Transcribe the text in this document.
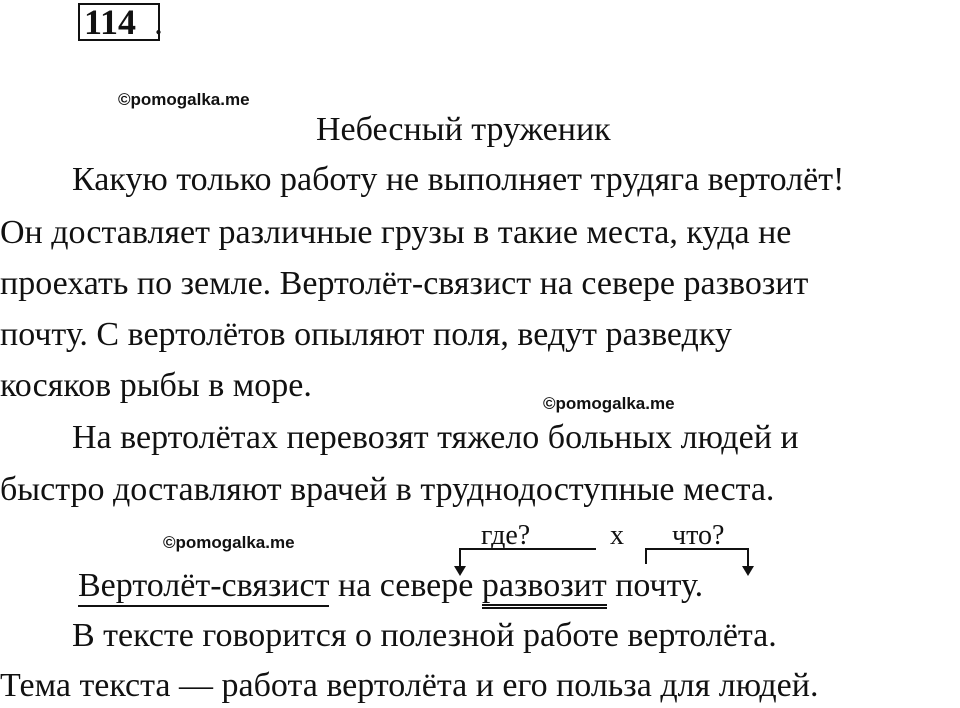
114 .
©pomogalka.me
©pomogalka.me
©pomogalka.me
Небесный труженик
Какую только работу не выполняет трудяга вертолёт!
Он доставляет различные грузы в такие места, куда не
проехать по земле. Вертолёт-связист на севере развозит
почту. С вертолётов опыляют поля, ведут разведку
косяков рыбы в море.
На вертолётах перевозят тяжело больных людей и
быстро доставляют врачей в труднодоступные места.
где?	х что?
Вертолёт-связист на севере развозит почту.
В тексте говорится о полезной работе вертолёта.
Тема текста — работа вертолёта и его польза для людей.
